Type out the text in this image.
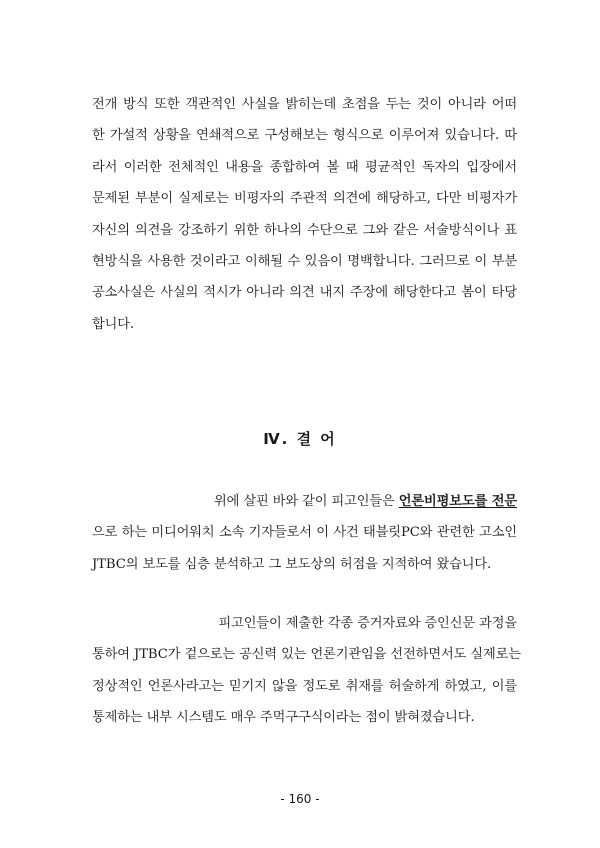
전개 방식 또한 객관적인 사실을 밝히는데 초점을 두는 것이 아니라 어떠
한 가설적 상황을 연쇄적으로 구성해보는 형식으로 이루어져 있습니다. 따
라서 이러한 전체적인 내용을 종합하여 볼 때 평균적인 독자의 입장에서
문제된 부분이 실제로는 비평자의 주관적 의견에 해당하고, 다만 비평자가
자신의 의견을 강조하기 위한 하나의 수단으로 그와 같은 서술방식이나 표
현방식을 사용한 것이라고 이해될 수 있음이 명백합니다. 그러므로 이 부분
공소사실은 사실의 적시가 아니라 의견 내지 주장에 해당한다고 봄이 타당
합니다.
Ⅳ. 결 어
위에 살핀 바와 같이 피고인들은 언론비평보도를 전문
으로 하는 미디어워치 소속 기자들로서 이 사건 태블릿PC와 관련한 고소인
JTBC의 보도를 심층 분석하고 그 보도상의 허점을 지적하여 왔습니다.
피고인들이 제출한 각종 증거자료와 증인신문 과정을
통하여 JTBC가 겉으로는 공신력 있는 언론기관임을 선전하면서도 실제로는
정상적인 언론사라고는 믿기지 않을 정도로 취재를 허술하게 하였고, 이를
통제하는 내부 시스템도 매우 주먹구구식이라는 점이 밝혀졌습니다.
- 160 -
